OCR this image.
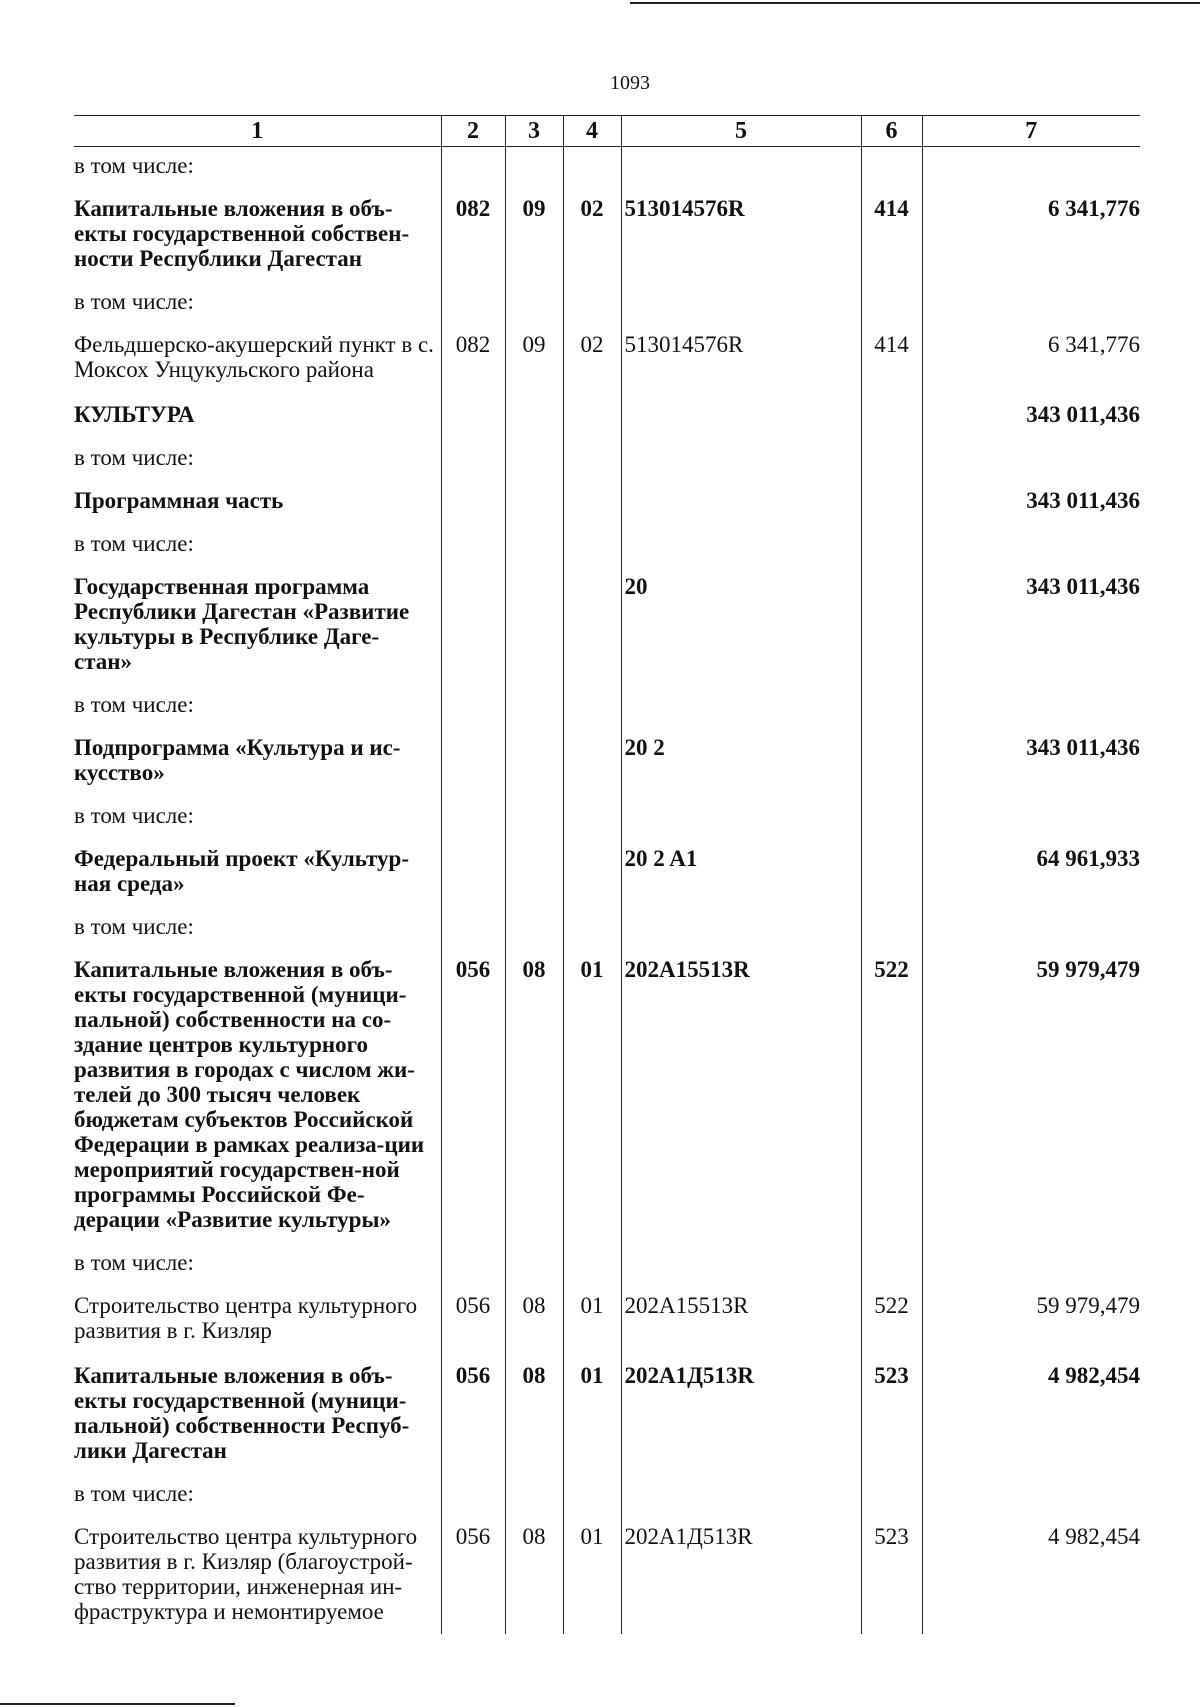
1093
1	2	3	4	5	6	7
в том числе:						
Капитальные вложения в объ-екты государственной собствен-ности Республики Дагестан	082	09	02	513014576R	414	6 341,776
в том числе:						
Фельдшерско-акушерский пункт в с. Моксох Унцукульского района	082	09	02	513014576R	414	6 341,776
КУЛЬТУРА						343 011,436
в том числе:						
Программная часть						343 011,436
в том числе:						
Государственная программа Республики Дагестан «Развитие культуры в Республике Даге-стан»				20		343 011,436
в том числе:						
Подпрограмма «Культура и ис-кусство»				20 2		343 011,436
в том числе:						
Федеральный проект «Культур-ная среда»				20 2 A1		64 961,933
в том числе:						
Капитальные вложения в объ-екты государственной (муници-пальной) собственности на со-здание центров культурного развития в городах с числом жи-телей до 300 тысяч человек бюджетам субъектов Российской Федерации в рамках реализа-ции мероприятий государствен-ной программы Российской Фе-дерации «Развитие культуры»	056	08	01	202A15513R	522	59 979,479
в том числе:						
Строительство центра культурного развития в г. Кизляр	056	08	01	202A15513R	522	59 979,479
Капитальные вложения в объ-екты государственной (муници-пальной) собственности Респуб-лики Дагестан	056	08	01	202A1Д513R	523	4 982,454
в том числе:						
Строительство центра культурного развития в г. Кизляр (благоустрой-ство территории, инженерная ин-фраструктура и немонтируемое	056	08	01	202A1Д513R	523	4 982,454
